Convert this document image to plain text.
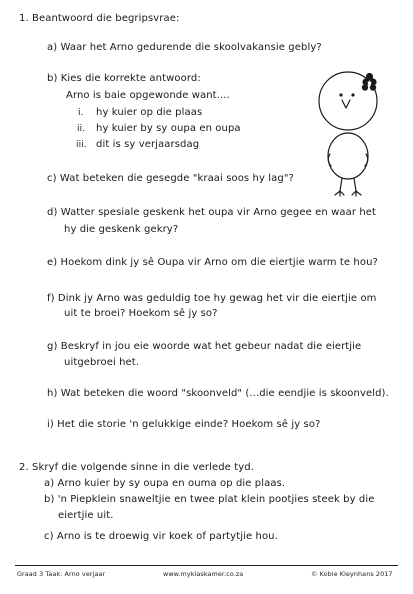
1. Beantwoord die begripsvrae:
a) Waar het Arno gedurende die skoolvakansie gebly?
b) Kies die korrekte antwoord:
Arno is baie opgewonde want....
i. hy kuier op die plaas
ii. hy kuier by sy oupa en oupa
iii. dit is sy verjaarsdag
c) Wat beteken die gesegde "kraai soos hy lag"?
d) Watter spesiale geskenk het oupa vir Arno gegee en waar het
hy die geskenk gekry?
e) Hoekom dink jy sê Oupa vir Arno om die eiertjie warm te hou?
f) Dink jy Arno was geduldig toe hy gewag het vir die eiertjie om
uit te broei? Hoekom sê jy so?
g) Beskryf in jou eie woorde wat het gebeur nadat die eiertjie
uitgebroei het.
h) Wat beteken die woord "skoonveld" (...die eendjie is skoonveld).
i) Het die storie 'n gelukkige einde? Hoekom sê jy so?
2. Skryf die volgende sinne in die verlede tyd.
a) Arno kuier by sy oupa en ouma op die plaas.
b) 'n Piepklein snaweltjie en twee plat klein pootjies steek by die
eiertjie uit.
c) Arno is te droewig vir koek of partytjie hou.
Graad 3 Taak: Arno verjaar	www.myklaskamer.co.za	© Kobie Kleynhans 2017
